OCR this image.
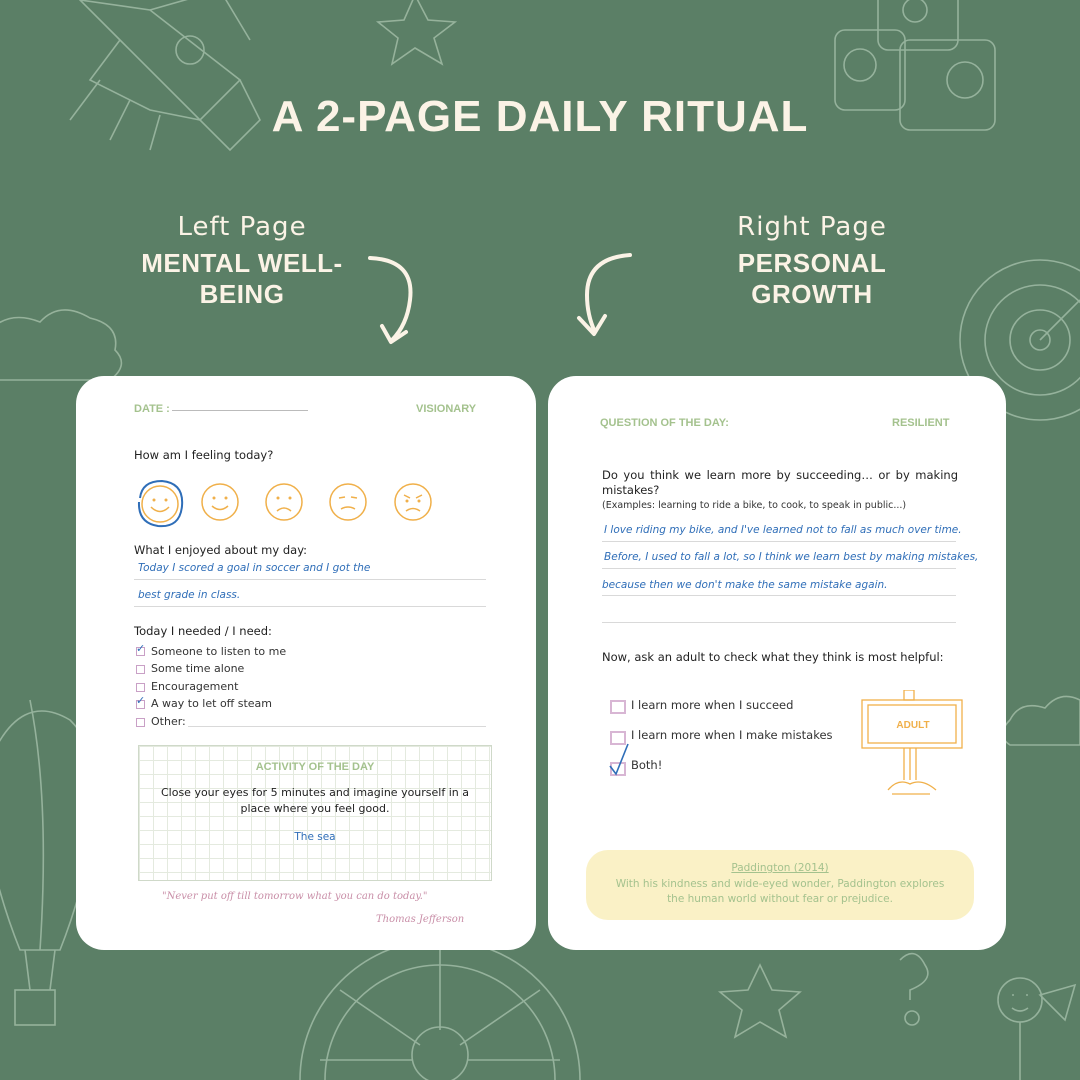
A 2-PAGE DAILY RITUAL
Left Page
MENTAL WELL-BEING
Right Page
PERSONAL GROWTH
DATE :	VISIONARY
How am I feeling today?
What I enjoyed about my day:
Today I scored a goal in soccer and I got the
best grade in class.
Today I needed / I need:
✓ Someone to listen to me
Some time alone
Encouragement
✓ A way to let off steam
Other:
ACTIVITY OF THE DAY
Close your eyes for 5 minutes and imagine yourself in a place where you feel good.
The sea
"Never put off till tomorrow what you can do today."
Thomas Jefferson
QUESTION OF THE DAY:	RESILIENT
Do you think we learn more by succeeding… or by making mistakes?
(Examples: learning to ride a bike, to cook, to speak in public...)
I love riding my bike, and I've learned not to fall as much over time.
Before, I used to fall a lot, so I think we learn best by making mistakes,
because then we don't make the same mistake again.
Now, ask an adult to check what they think is most helpful:
I learn more when I succeed
I learn more when I make mistakes
Both!
ADULT
Paddington (2014)
With his kindness and wide-eyed wonder, Paddington explores the human world without fear or prejudice.
